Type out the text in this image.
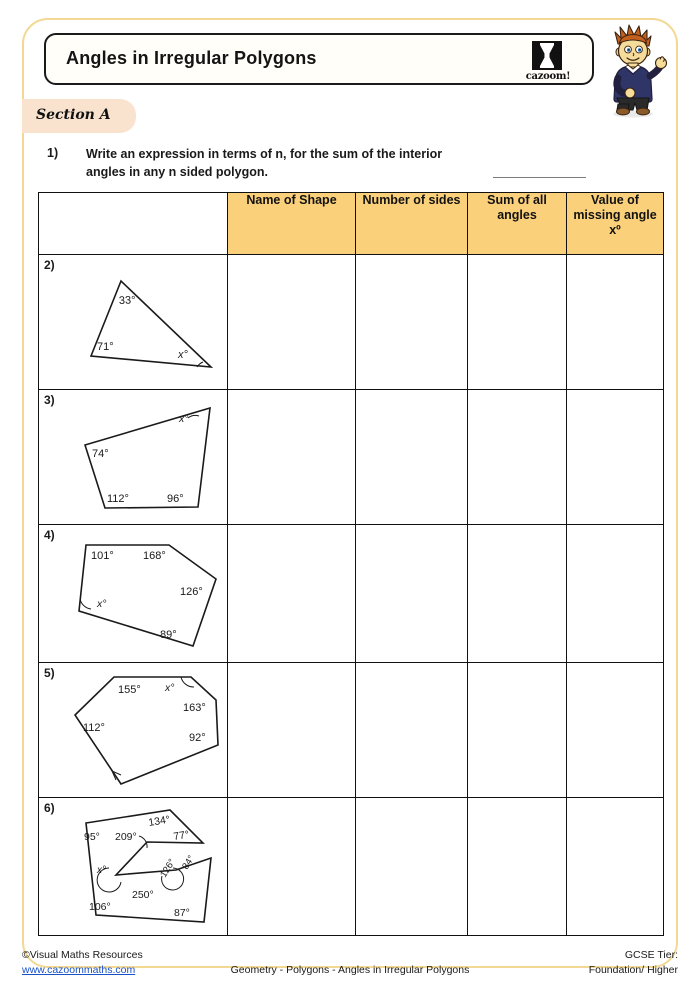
Angles in Irregular Polygons
cazoom!
Section A
1) Write an expression in terms of n, for the sum of the interior angles in any n sided polygon.
	Name of Shape	Number of sides	Sum of all angles	Value of missing angle xº

2)
33°
71°
x°				

3)
74°
112° 96°
x°				

4)
101°	168°
126°
89°
x°

5)
155°
163°
92°
112°
x°

6)
95°
134°
77°
209°
126° 84°
250°
106°	87°
x°

©Visual Maths Resources
www.cazoommaths.com	Geometry - Polygons - Angles in Irregular Polygons
GCSE Tier:
Foundation/ Higher
